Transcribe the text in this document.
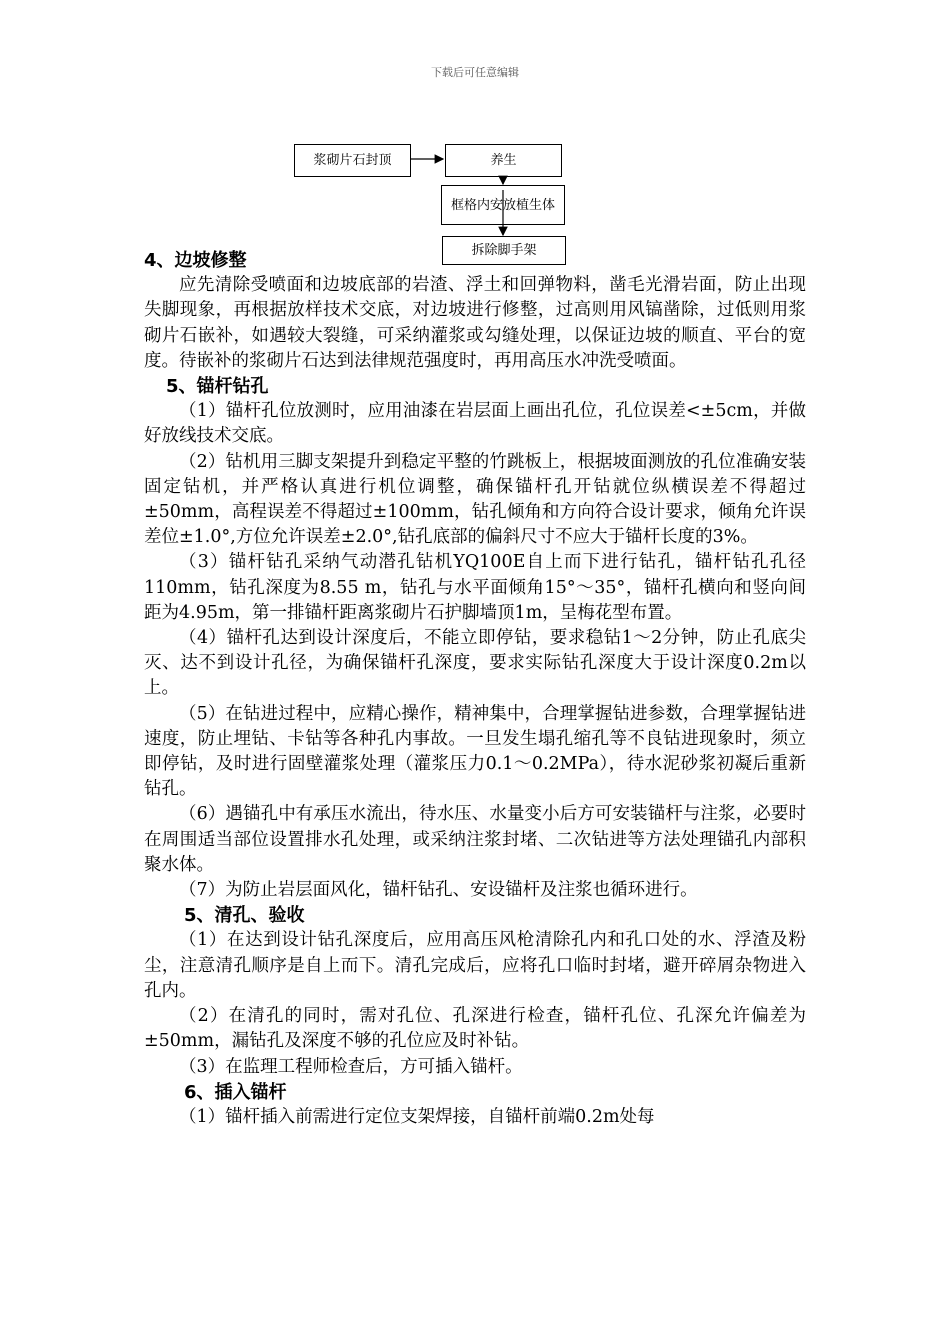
下载后可任意编辑
浆砌片石封顶	养生
框格内安放植生体
拆除脚手架

4、边坡修整

应先清除受喷面和边坡底部的岩渣、浮土和回弹物料，凿毛光滑岩面，防止出现失脚现象，再根据放样技术交底，对边坡进行修整，过高则用风镐凿除，过低则用浆砌片石嵌补，如遇较大裂缝，可采纳灌浆或勾缝处理，以保证边坡的顺直、平台的宽度。待嵌补的浆砌片石达到法律规范强度时，再用高压水冲洗受喷面。

5、锚杆钻孔

（1）锚杆孔位放测时，应用油漆在岩层面上画出孔位，孔位误差<±5cm，并做好放线技术交底。

（2）钻机用三脚支架提升到稳定平整的竹跳板上，根据坡面测放的孔位准确安装固定钻机，并严格认真进行机位调整，确保锚杆孔开钻就位纵横误差不得超过±50mm，高程误差不得超过±100mm，钻孔倾角和方向符合设计要求，倾角允许误差位±1.0°,方位允许误差±2.0°,钻孔底部的偏斜尺寸不应大于锚杆长度的3%。

（3）锚杆钻孔采纳气动潜孔钻机YQ100E自上而下进行钻孔，锚杆钻孔孔径110mm，钻孔深度为8.55 m，钻孔与水平面倾角15°～35°，锚杆孔横向和竖向间距为4.95m，第一排锚杆距离浆砌片石护脚墙顶1m，呈梅花型布置。

（4）锚杆孔达到设计深度后，不能立即停钻，要求稳钻1～2分钟，防止孔底尖灭、达不到设计孔径，为确保锚杆孔深度，要求实际钻孔深度大于设计深度0.2m以上。

（5）在钻进过程中，应精心操作，精神集中，合理掌握钻进参数，合理掌握钻进速度，防止埋钻、卡钻等各种孔内事故。一旦发生塌孔缩孔等不良钻进现象时，须立即停钻，及时进行固壁灌浆处理（灌浆压力0.1～0.2MPa），待水泥砂浆初凝后重新钻孔。

（6）遇锚孔中有承压水流出，待水压、水量变小后方可安装锚杆与注浆，必要时在周围适当部位设置排水孔处理，或采纳注浆封堵、二次钻进等方法处理锚孔内部积聚水体。

（7）为防止岩层面风化，锚杆钻孔、安设锚杆及注浆也循环进行。

5、清孔、验收

（1）在达到设计钻孔深度后，应用高压风枪清除孔内和孔口处的水、浮渣及粉尘，注意清孔顺序是自上而下。清孔完成后，应将孔口临时封堵，避开碎屑杂物进入孔内。

（2）在清孔的同时，需对孔位、孔深进行检查，锚杆孔位、孔深允许偏差为±50mm，漏钻孔及深度不够的孔位应及时补钻。

（3）在监理工程师检查后，方可插入锚杆。

6、插入锚杆

（1）锚杆插入前需进行定位支架焊接，自锚杆前端0.2m处每
